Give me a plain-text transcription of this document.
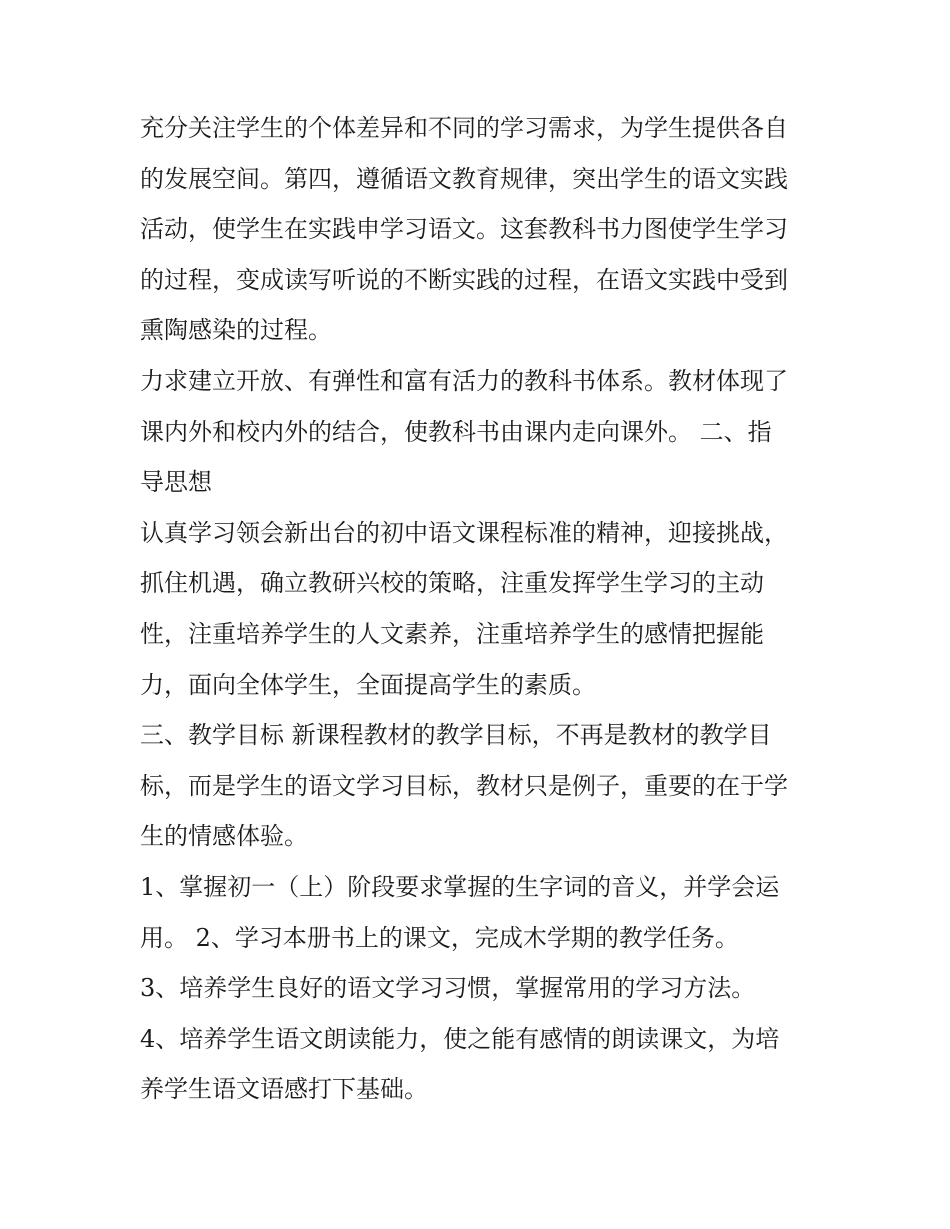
充分关注学生的个体差异和不同的学习需求，为学生提供各自
的发展空间。第四，遵循语文教育规律，突出学生的语文实践
活动，使学生在实践申学习语文。这套教科书力图使学生学习
的过程，变成读写听说的不断实践的过程，在语文实践中受到
熏陶感染的过程。
力求建立开放、有弹性和富有活力的教科书体系。教材体现了
课内外和校内外的结合，使教科书由课内走向课外。 二、指
导思想
认真学习领会新出台的初中语文课程标准的精神，迎接挑战，
抓住机遇，确立教研兴校的策略，注重发挥学生学习的主动
性，注重培养学生的人文素养，注重培养学生的感情把握能
力，面向全体学生，全面提高学生的素质。
三、教学目标 新课程教材的教学目标，不再是教材的教学目
标，而是学生的语文学习目标，教材只是例子，重要的在于学
生的情感体验。
1、掌握初一（上）阶段要求掌握的生字词的音义，并学会运
用。 2、学习本册书上的课文，完成木学期的教学任务。
3、培养学生良好的语文学习习惯，掌握常用的学习方法。
4、培养学生语文朗读能力，使之能有感情的朗读课文，为培
养学生语文语感打下基础。
